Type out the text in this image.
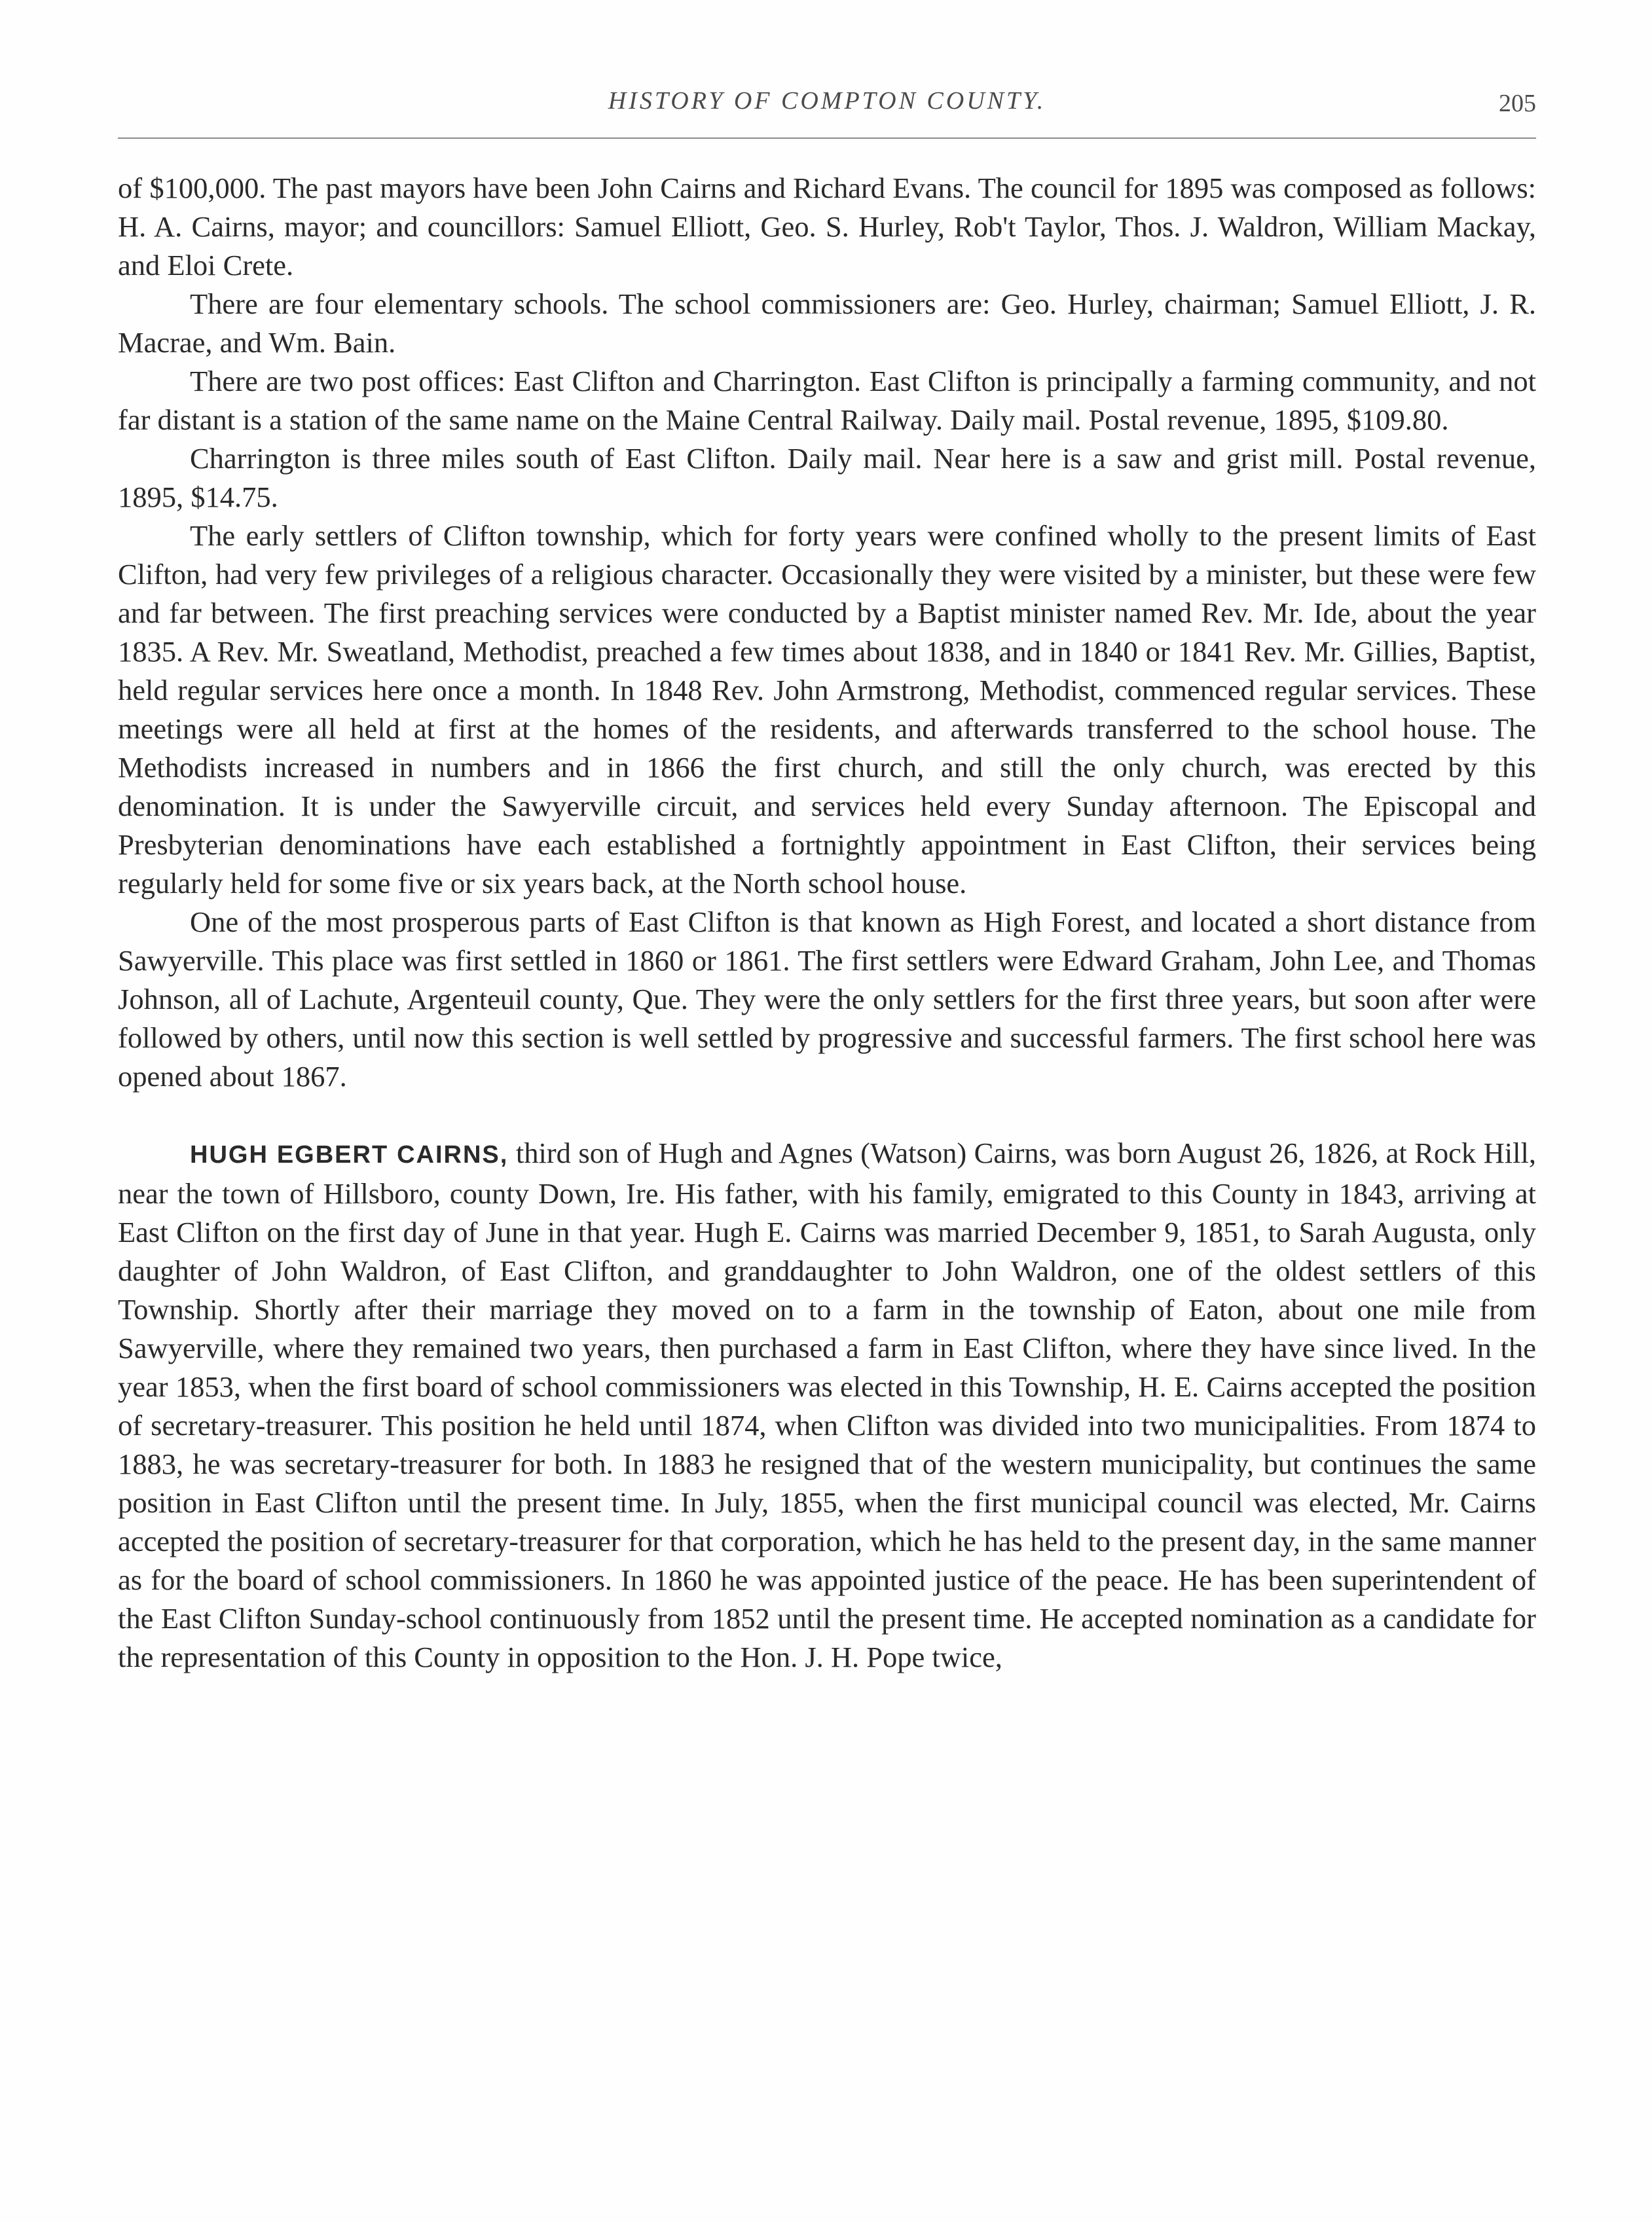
HISTORY OF COMPTON COUNTY.	205

of $100,000. The past mayors have been John Cairns and Richard Evans. The council for 1895 was composed as follows: H. A. Cairns, mayor; and councillors: Samuel Elliott, Geo. S. Hurley, Rob't Taylor, Thos. J. Waldron, William Mackay, and Eloi Crete.

There are four elementary schools. The school commissioners are: Geo. Hurley, chairman; Samuel Elliott, J. R. Macrae, and Wm. Bain.

There are two post offices: East Clifton and Charrington. East Clifton is principally a farming community, and not far distant is a station of the same name on the Maine Central Railway. Daily mail. Postal revenue, 1895, $109.80.

Charrington is three miles south of East Clifton. Daily mail. Near here is a saw and grist mill. Postal revenue, 1895, $14.75.

The early settlers of Clifton township, which for forty years were confined wholly to the present limits of East Clifton, had very few privileges of a religious character. Occasionally they were visited by a minister, but these were few and far between. The first preaching services were conducted by a Baptist minister named Rev. Mr. Ide, about the year 1835. A Rev. Mr. Sweatland, Methodist, preached a few times about 1838, and in 1840 or 1841 Rev. Mr. Gillies, Baptist, held regular services here once a month. In 1848 Rev. John Armstrong, Methodist, commenced regular services. These meetings were all held at first at the homes of the residents, and afterwards transferred to the school house. The Methodists increased in numbers and in 1866 the first church, and still the only church, was erected by this denomination. It is under the Sawyerville circuit, and services held every Sunday afternoon. The Episcopal and Presbyterian denominations have each established a fortnightly appointment in East Clifton, their services being regularly held for some five or six years back, at the North school house.

One of the most prosperous parts of East Clifton is that known as High Forest, and located a short distance from Sawyerville. This place was first settled in 1860 or 1861. The first settlers were Edward Graham, John Lee, and Thomas Johnson, all of Lachute, Argenteuil county, Que. They were the only settlers for the first three years, but soon after were followed by others, until now this section is well settled by progressive and successful farmers. The first school here was opened about 1867.

HUGH EGBERT CAIRNS, third son of Hugh and Agnes (Watson) Cairns, was born August 26, 1826, at Rock Hill, near the town of Hillsboro, county Down, Ire. His father, with his family, emigrated to this County in 1843, arriving at East Clifton on the first day of June in that year. Hugh E. Cairns was married December 9, 1851, to Sarah Augusta, only daughter of John Waldron, of East Clifton, and granddaughter to John Waldron, one of the oldest settlers of this Township. Shortly after their marriage they moved on to a farm in the township of Eaton, about one mile from Sawyerville, where they remained two years, then purchased a farm in East Clifton, where they have since lived. In the year 1853, when the first board of school commissioners was elected in this Township, H. E. Cairns accepted the position of secretary-treasurer. This position he held until 1874, when Clifton was divided into two municipalities. From 1874 to 1883, he was secretary-treasurer for both. In 1883 he resigned that of the western municipality, but continues the same position in East Clifton until the present time. In July, 1855, when the first municipal council was elected, Mr. Cairns accepted the position of secretary-treasurer for that corporation, which he has held to the present day, in the same manner as for the board of school commissioners. In 1860 he was appointed justice of the peace. He has been superintendent of the East Clifton Sunday-school continuously from 1852 until the present time. He accepted nomination as a candidate for the representation of this County in opposition to the Hon. J. H. Pope twice,
